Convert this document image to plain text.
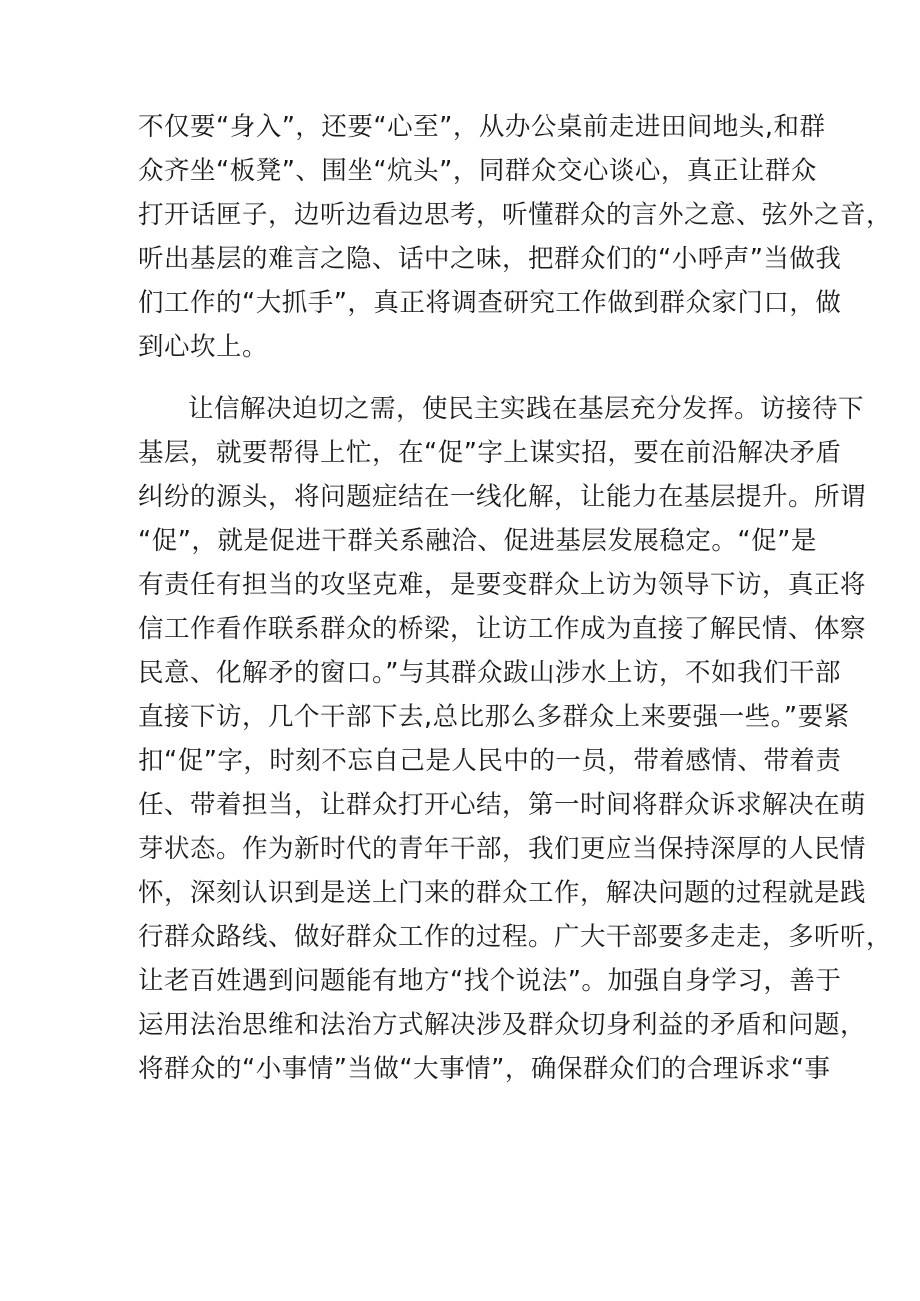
不仅要“身入”，还要“心至”，从办公桌前走进田间地头,和群
众齐坐“板凳”、围坐“炕头”，同群众交心谈心，真正让群众
打开话匣子，边听边看边思考，听懂群众的言外之意、弦外之音，
听出基层的难言之隐、话中之味，把群众们的“小呼声”当做我
们工作的“大抓手”，真正将调查研究工作做到群众家门口，做
到心坎上。
让信解决迫切之需，使民主实践在基层充分发挥。访接待下
基层，就要帮得上忙，在“促”字上谋实招，要在前沿解决矛盾
纠纷的源头，将问题症结在一线化解，让能力在基层提升。所谓
“促”，就是促进干群关系融洽、促进基层发展稳定。“促”是
有责任有担当的攻坚克难，是要变群众上访为领导下访，真正将
信工作看作联系群众的桥梁，让访工作成为直接了解民情、体察
民意、化解矛的窗口。”与其群众跋山涉水上访，不如我们干部
直接下访，几个干部下去,总比那么多群众上来要强一些。”要紧
扣“促”字，时刻不忘自己是人民中的一员，带着感情、带着责
任、带着担当，让群众打开心结，第一时间将群众诉求解决在萌
芽状态。作为新时代的青年干部，我们更应当保持深厚的人民情
怀，深刻认识到是送上门来的群众工作，解决问题的过程就是践
行群众路线、做好群众工作的过程。广大干部要多走走，多听听，
让老百姓遇到问题能有地方“找个说法”。加强自身学习，善于
运用法治思维和法治方式解决涉及群众切身利益的矛盾和问题，
将群众的“小事情”当做“大事情”，确保群众们的合理诉求“事
